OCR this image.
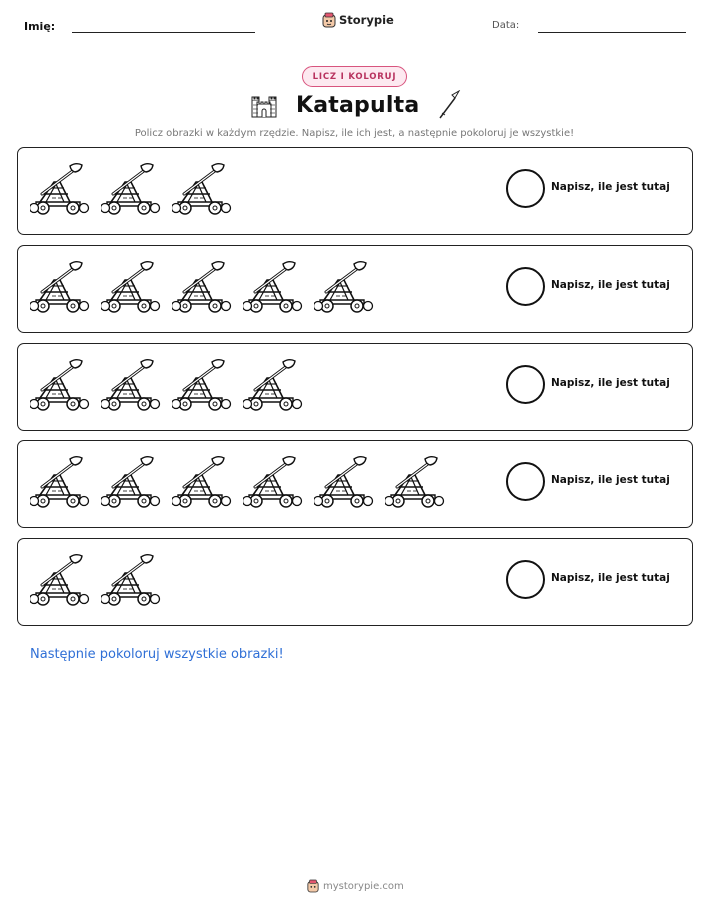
Imię:	Storypie	Data:
LICZ I KOLORUJ
Katapulta
Policz obrazki w każdym rzędzie. Napisz, ile ich jest, a następnie pokoloruj je wszystkie!
Napisz, ile jest tutaj
Napisz, ile jest tutaj
Napisz, ile jest tutaj
Napisz, ile jest tutaj
Napisz, ile jest tutaj
Następnie pokoloruj wszystkie obrazki!
mystorypie.com
